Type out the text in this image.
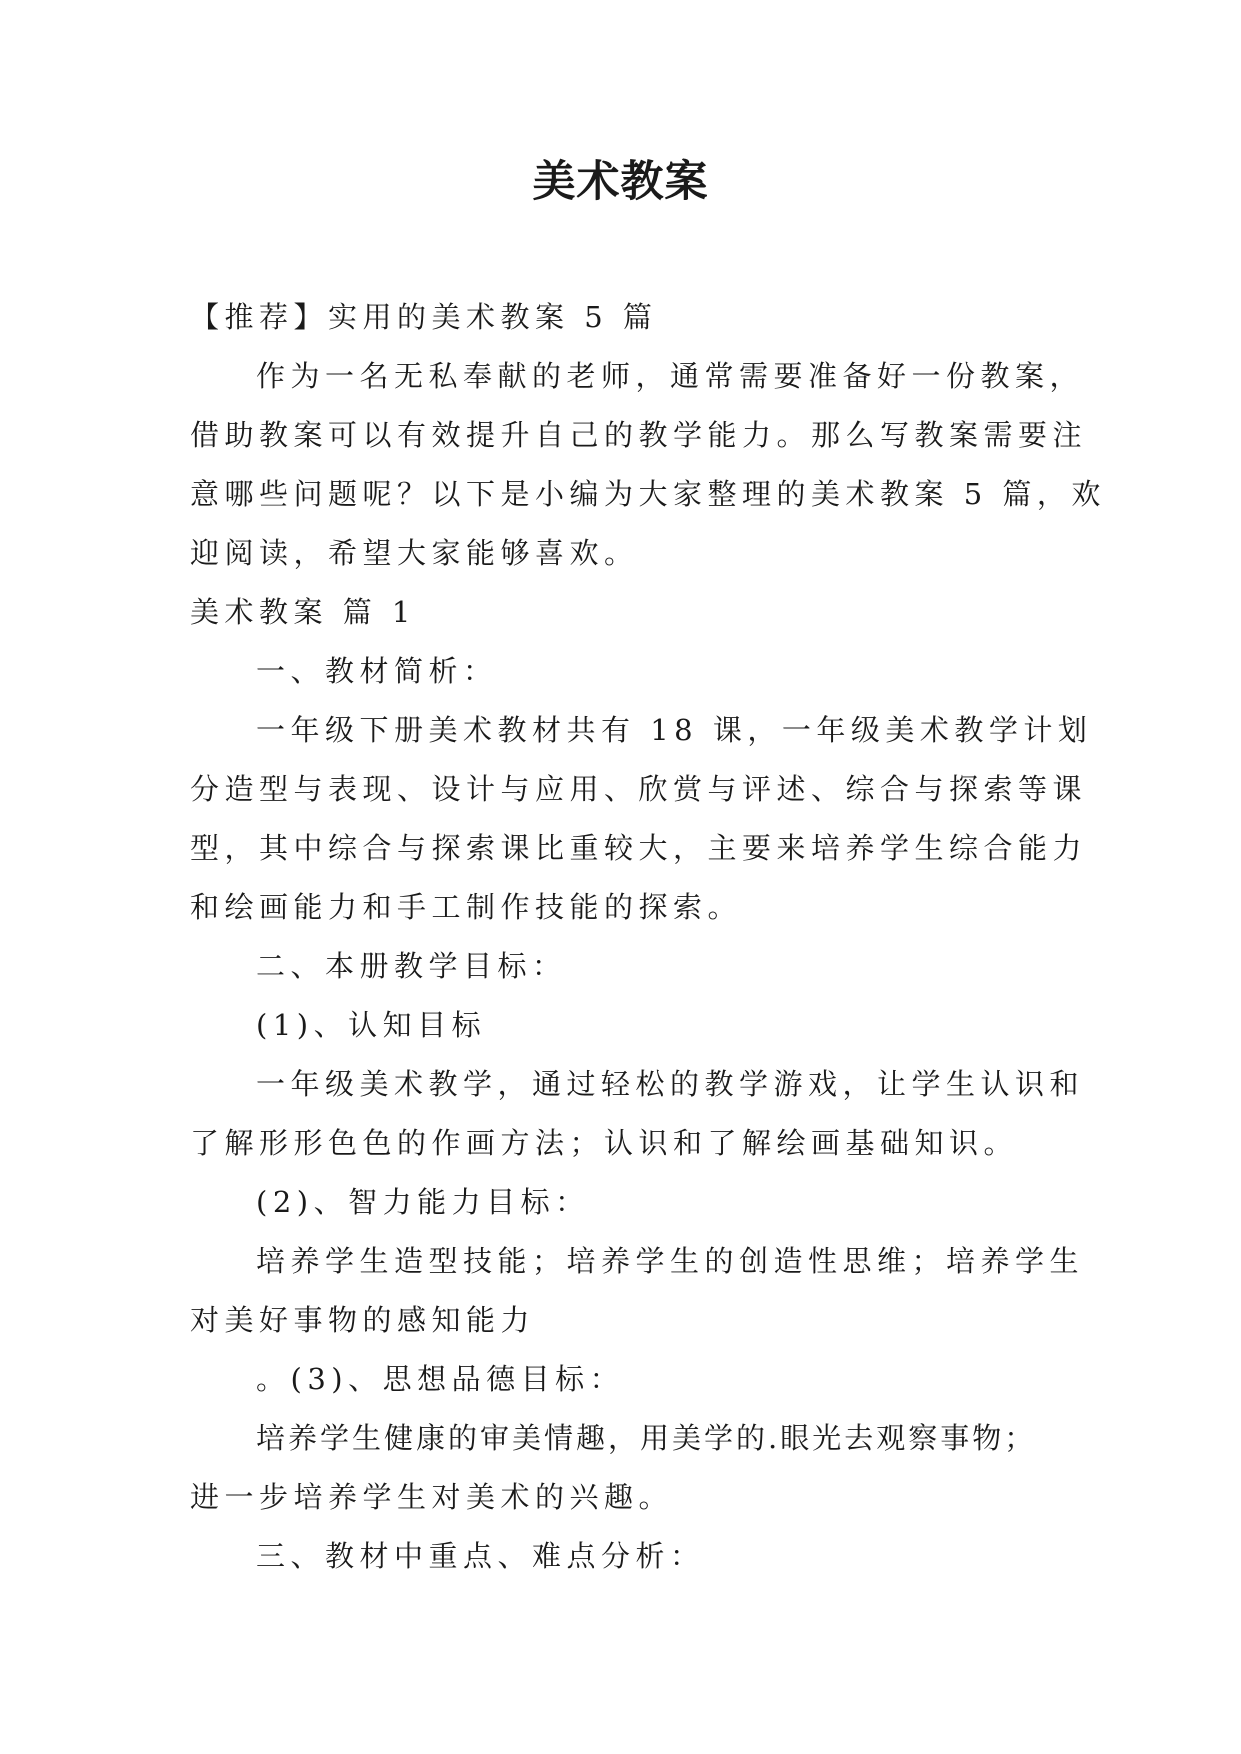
美术教案
【推荐】实用的美术教案 5 篇
作为一名无私奉献的老师，通常需要准备好一份教案，
借助教案可以有效提升自己的教学能力。那么写教案需要注
意哪些问题呢？以下是小编为大家整理的美术教案 5 篇，欢
迎阅读，希望大家能够喜欢。
美术教案 篇 1
一、教材简析：
一年级下册美术教材共有 18 课，一年级美术教学计划
分造型与表现、设计与应用、欣赏与评述、综合与探索等课
型，其中综合与探索课比重较大，主要来培养学生综合能力
和绘画能力和手工制作技能的探索。
二、本册教学目标：
(1)、认知目标
一年级美术教学，通过轻松的教学游戏，让学生认识和
了解形形色色的作画方法；认识和了解绘画基础知识。
(2)、智力能力目标：
培养学生造型技能；培养学生的创造性思维；培养学生
对美好事物的感知能力
。(3)、思想品德目标：
培养学生健康的审美情趣，用美学的.眼光去观察事物；
进一步培养学生对美术的兴趣。
三、教材中重点、难点分析：
